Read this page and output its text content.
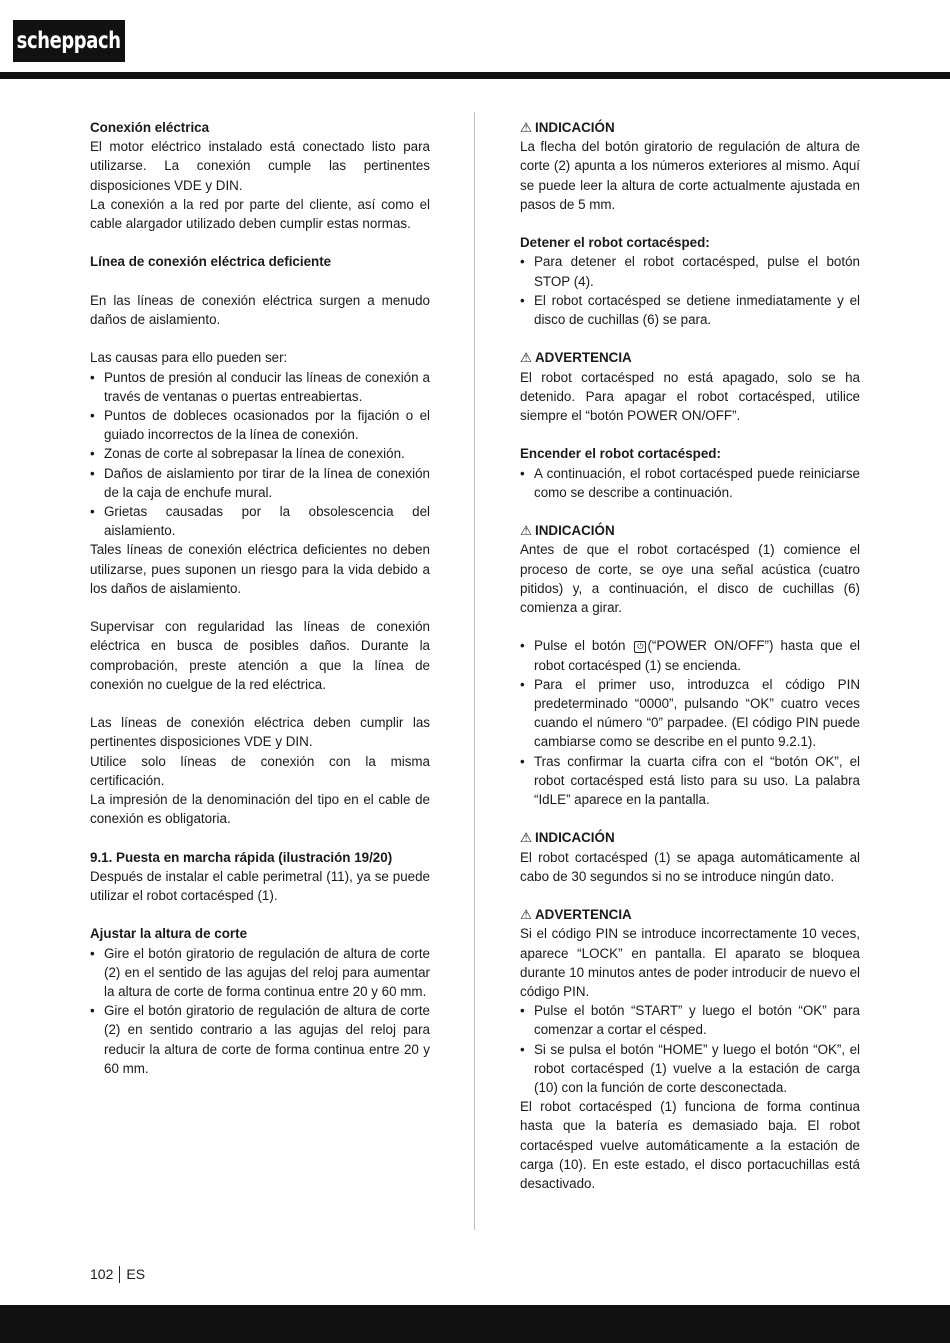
scheppach
Conexión eléctrica

El motor eléctrico instalado está conectado listo para utilizarse. La conexión cumple las pertinentes disposiciones VDE y DIN.

La conexión a la red por parte del cliente, así como el cable alargador utilizado deben cumplir estas normas.

Línea de conexión eléctrica deficiente

En las líneas de conexión eléctrica surgen a menudo daños de aislamiento.

Las causas para ello pueden ser:

• Puntos de presión al conducir las líneas de conexión a través de ventanas o puertas entreabiertas.
• Puntos de dobleces ocasionados por la fijación o el guiado incorrectos de la línea de conexión.
• Zonas de corte al sobrepasar la línea de conexión.
• Daños de aislamiento por tirar de la línea de conexión de la caja de enchufe mural.
• Grietas causadas por la obsolescencia del aislamiento.

Tales líneas de conexión eléctrica deficientes no deben utilizarse, pues suponen un riesgo para la vida debido a los daños de aislamiento.

Supervisar con regularidad las líneas de conexión eléctrica en busca de posibles daños. Durante la comprobación, preste atención a que la línea de conexión no cuelgue de la red eléctrica.

Las líneas de conexión eléctrica deben cumplir las pertinentes disposiciones VDE y DIN.

Utilice solo líneas de conexión con la misma certificación.

La impresión de la denominación del tipo en el cable de conexión es obligatoria.

9.1. Puesta en marcha rápida (ilustración 19/20)

Después de instalar el cable perimetral (11), ya se puede utilizar el robot cortacésped (1).

Ajustar la altura de corte
• Gire el botón giratorio de regulación de altura de corte (2) en el sentido de las agujas del reloj para aumentar la altura de corte de forma continua entre 20 y 60 mm.
• Gire el botón giratorio de regulación de altura de corte (2) en sentido contrario a las agujas del reloj para reducir la altura de corte de forma continua entre 20 y 60 mm.
⚠ INDICACIÓN

La flecha del botón giratorio de regulación de altura de corte (2) apunta a los números exteriores al mismo. Aquí se puede leer la altura de corte actualmente ajustada en pasos de 5 mm.

Detener el robot cortacésped:
• Para detener el robot cortacésped, pulse el botón STOP (4).
• El robot cortacésped se detiene inmediatamente y el disco de cuchillas (6) se para.
⚠ ADVERTENCIA

El robot cortacésped no está apagado, solo se ha detenido. Para apagar el robot cortacésped, utilice siempre el “botón POWER ON/OFF”.

Encender el robot cortacésped:
• A continuación, el robot cortacésped puede reiniciarse como se describe a continuación.
⚠ INDICACIÓN

Antes de que el robot cortacésped (1) comience el proceso de corte, se oye una señal acústica (cuatro pitidos) y, a continuación, el disco de cuchillas (6) comienza a girar.

• Pulse el botón ⏻ (“POWER ON/OFF”) hasta que el robot cortacésped (1) se encienda.
• Para el primer uso, introduzca el código PIN predeterminado “0000”, pulsando “OK” cuatro veces cuando el número “0” parpadee. (El código PIN puede cambiarse como se describe en el punto 9.2.1).
• Tras confirmar la cuarta cifra con el “botón OK”, el robot cortacésped está listo para su uso. La palabra “IdLE” aparece en la pantalla.
⚠ INDICACIÓN

El robot cortacésped (1) se apaga automáticamente al cabo de 30 segundos si no se introduce ningún dato.

⚠ ADVERTENCIA

Si el código PIN se introduce incorrectamente 10 veces, aparece “LOCK” en pantalla. El aparato se bloquea durante 10 minutos antes de poder introducir de nuevo el código PIN.

• Pulse el botón “START” y luego el botón “OK” para comenzar a cortar el césped.
• Si se pulsa el botón “HOME” y luego el botón “OK”, el robot cortacésped (1) vuelve a la estación de carga (10) con la función de corte desconectada.

El robot cortacésped (1) funciona de forma continua hasta que la batería es demasiado baja. El robot cortacésped vuelve automáticamente a la estación de carga (10). En este estado, el disco portacuchillas está desactivado.

102 ES
